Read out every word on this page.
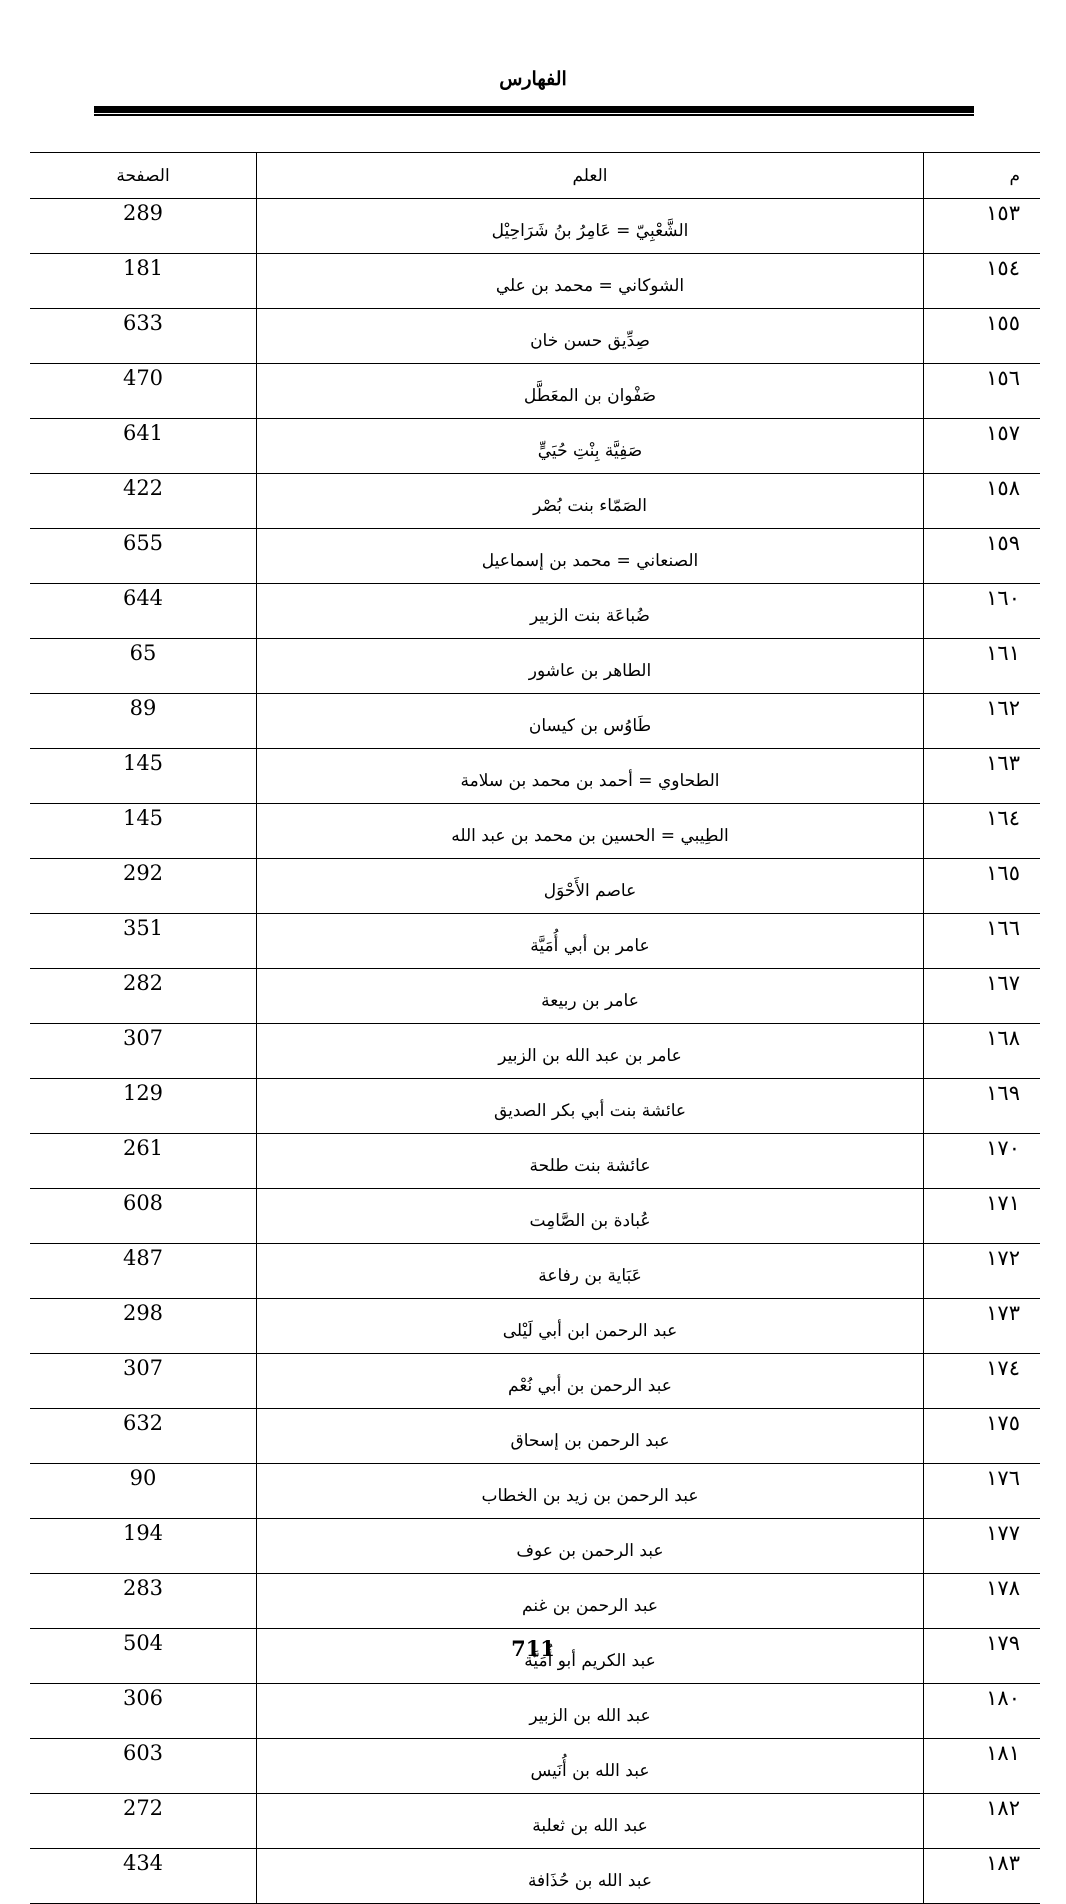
الفهارس
م	العلم	الصفحة
١٥٣	الشَّعْبِيّ = عَامِرُ بنُ شَرَاحِيْل	289
١٥٤	الشوكاني = محمد بن علي	181
١٥٥	صِدِّيق حسن خان	633
١٥٦	صَفْوان بن المعَطَّل	470
١٥٧	صَفِيَّة بِنْتِ حُيَيٍّ	641
١٥٨	الصَمّاء بنت بُصْر	422
١٥٩	الصنعاني = محمد بن إسماعيل	655
١٦٠	ضُباعَة بنت الزبير	644
١٦١	الطاهر بن عاشور	65
١٦٢	طَاوُس بن كيسان	89
١٦٣	الطحاوي = أحمد بن محمد بن سلامة	145
١٦٤	الطِيبي = الحسين بن محمد بن عبد الله	145
١٦٥	عاصم الأَحْوَل	292
١٦٦	عامر بن أبي أُمَيَّة	351
١٦٧	عامر بن ربيعة	282
١٦٨	عامر بن عبد الله بن الزبير	307
١٦٩	عائشة بنت أبي بكر الصديق	129
١٧٠	عائشة بنت طلحة	261
١٧١	عُبادة بن الصَّامِت	608
١٧٢	عَبَاية بن رفاعة	487
١٧٣	عبد الرحمن ابن أبي لَيْلى	298
١٧٤	عبد الرحمن بن أبي نُعْم	307
١٧٥	عبد الرحمن بن إسحاق	632
١٧٦	عبد الرحمن بن زيد بن الخطاب	90
١٧٧	عبد الرحمن بن عوف	194
١٧٨	عبد الرحمن بن غنم	283
١٧٩	عبد الكريم أبو أُمَيَّة	504
١٨٠	عبد الله بن الزبير	306
١٨١	عبد الله بن أُنَيس	603
١٨٢	عبد الله بن ثعلبة	272
١٨٣	عبد الله بن حُذَافة	434
711
